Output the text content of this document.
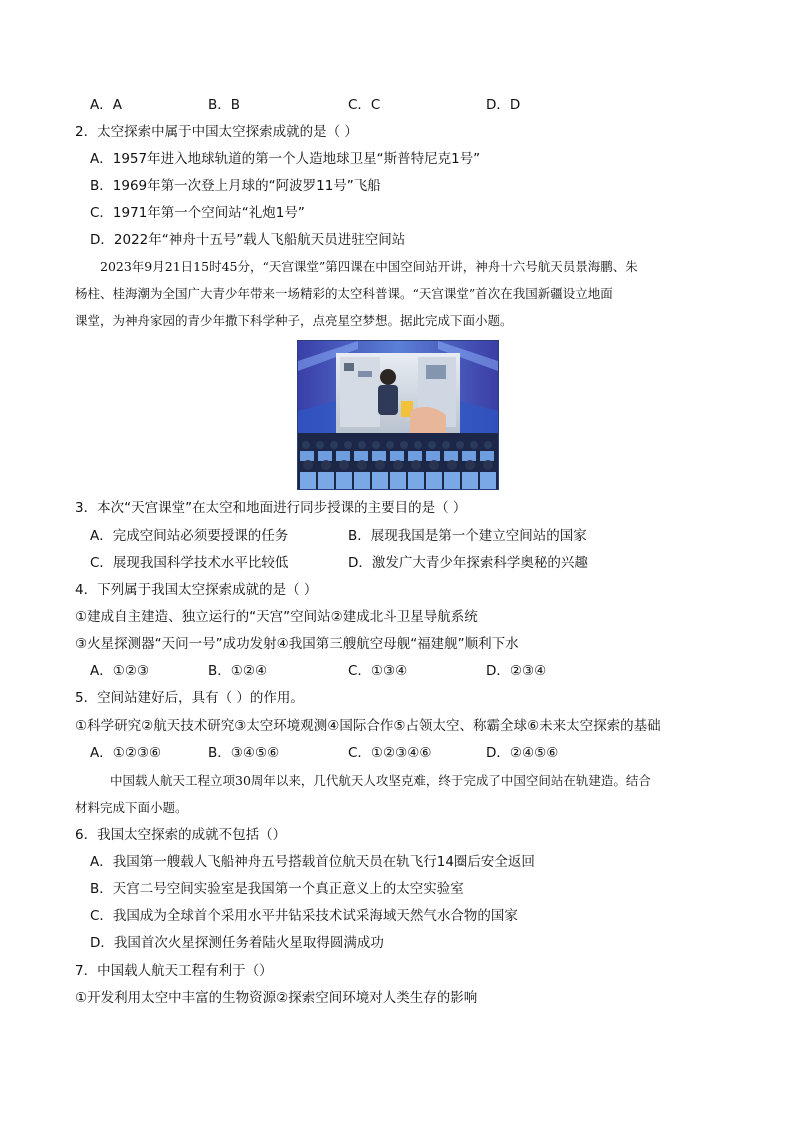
A．A	B．B	C．C	D．D
2．太空探索中属于中国太空探索成就的是（ ）
A．1957年进入地球轨道的第一个人造地球卫星“斯普特尼克1号”
B．1969年第一次登上月球的“阿波罗11号”飞船
C．1971年第一个空间站“礼炮1号”
D．2022年“神舟十五号”载人飞船航天员进驻空间站
2023年9月21日15时45分，“天宫课堂”第四课在中国空间站开讲，神舟十六号航天员景海鹏、朱
杨柱、桂海潮为全国广大青少年带来一场精彩的太空科普课。“天宫课堂”首次在我国新疆设立地面
课堂，为神舟家园的青少年撒下科学种子，点亮星空梦想。据此完成下面小题。
3．本次“天宫课堂”在太空和地面进行同步授课的主要目的是（ ）
A．完成空间站必须要授课的任务	B．展现我国是第一个建立空间站的国家
C．展现我国科学技术水平比较低	D．激发广大青少年探索科学奥秘的兴趣
4．下列属于我国太空探索成就的是（ ）
①建成自主建造、独立运行的“天宫”空间站②建成北斗卫星导航系统
③火星探测器“天问一号”成功发射④我国第三艘航空母舰“福建舰”顺利下水
A．①②③	B．①②④	C．①③④	D．②③④
5．空间站建好后，具有（ ）的作用。
①科学研究②航天技术研究③太空环境观测④国际合作⑤占领太空、称霸全球⑥未来太空探索的基础
A．①②③⑥	B．③④⑤⑥	C．①②③④⑥	D．②④⑤⑥
中国载人航天工程立项30周年以来，几代航天人攻坚克难，终于完成了中国空间站在轨建造。结合
材料完成下面小题。
6．我国太空探索的成就不包括（）
A．我国第一艘载人飞船神舟五号搭载首位航天员在轨飞行14圈后安全返回
B．天宫二号空间实验室是我国第一个真正意义上的太空实验室
C．我国成为全球首个采用水平井钻采技术试采海域天然气水合物的国家
D．我国首次火星探测任务着陆火星取得圆满成功
7．中国载人航天工程有利于（）
①开发利用太空中丰富的生物资源②探索空间环境对人类生存的影响
